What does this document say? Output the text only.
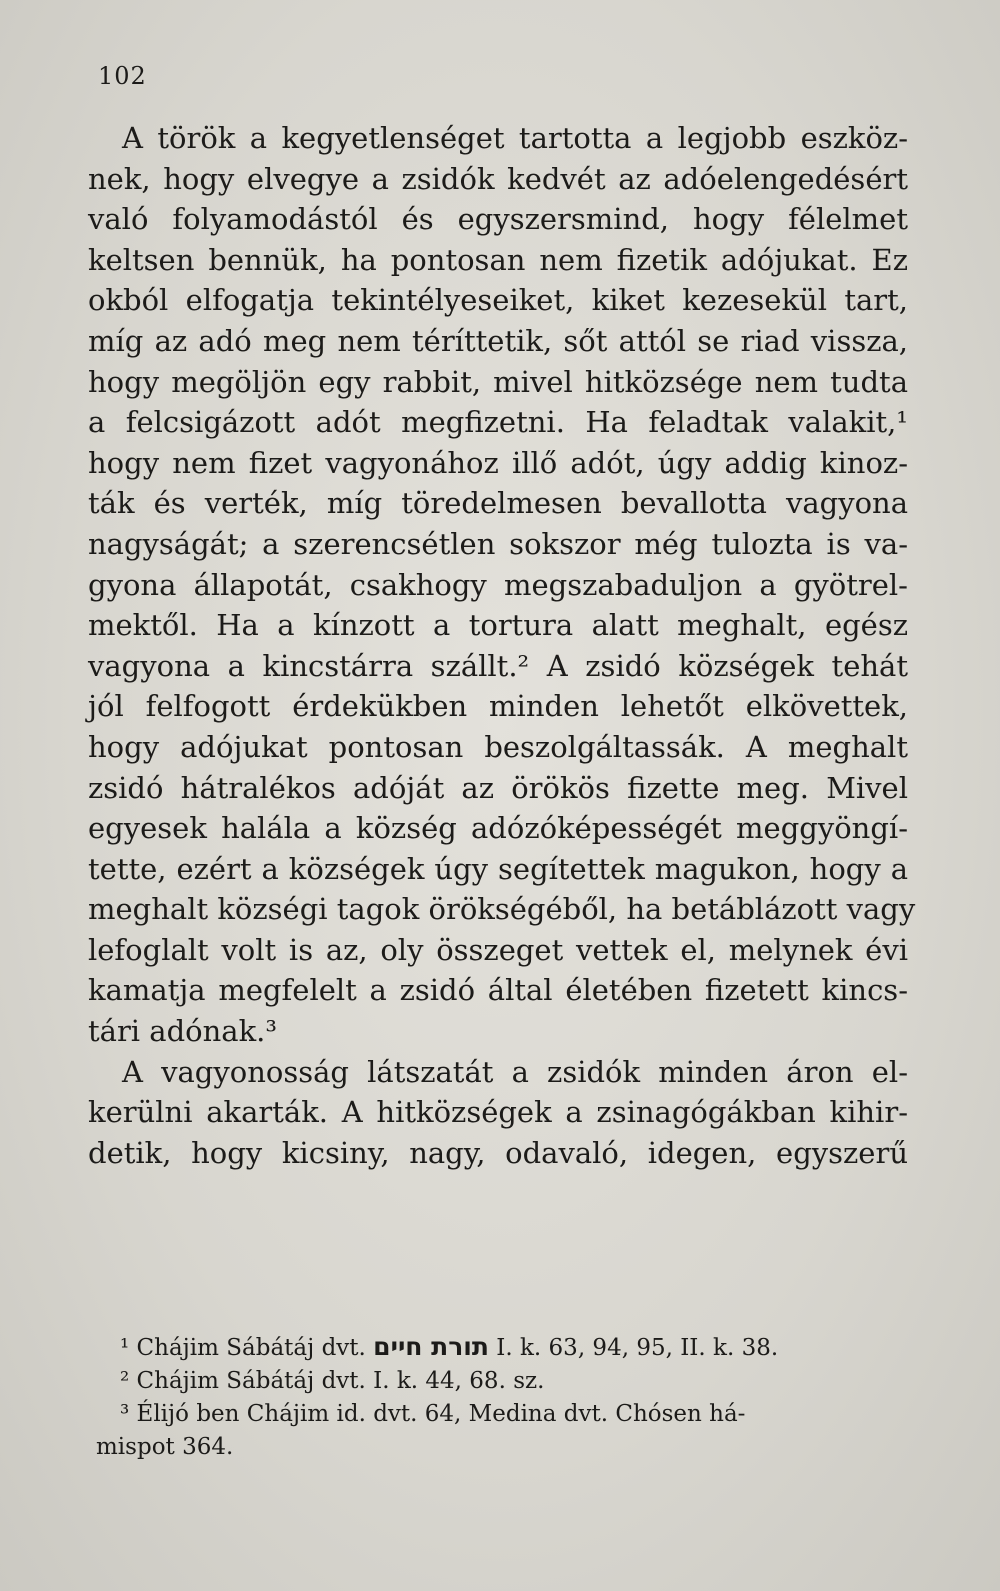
102
A török a kegyetlenséget tartotta a legjobb eszköz-
nek, hogy elvegye a zsidók kedvét az adóelengedésért
való folyamodástól és egyszersmind, hogy félelmet
keltsen bennük, ha pontosan nem fizetik adójukat. Ez
okból elfogatja tekintélyeseiket, kiket kezesekül tart,
míg az adó meg nem téríttetik, sőt attól se riad vissza,
hogy megöljön egy rabbit, mivel hitközsége nem tudta
a felcsigázott adót megfizetni. Ha feladtak valakit,¹
hogy nem fizet vagyonához illő adót, úgy addig kinoz-
ták és verték, míg töredelmesen bevallotta vagyona
nagyságát; a szerencsétlen sokszor még tulozta is va-
gyona állapotát, csakhogy megszabaduljon a gyötrel-
mektől. Ha a kínzott a tortura alatt meghalt, egész
vagyona a kincstárra szállt.² A zsidó községek tehát
jól felfogott érdekükben minden lehetőt elkövettek,
hogy adójukat pontosan beszolgáltassák. A meghalt
zsidó hátralékos adóját az örökös fizette meg. Mivel
egyesek halála a község adózóképességét meggyöngí-
tette, ezért a községek úgy segítettek magukon, hogy a
meghalt községi tagok örökségéből, ha betáblázott vagy
lefoglalt volt is az, oly összeget vettek el, melynek évi
kamatja megfelelt a zsidó által életében fizetett kincs-
tári adónak.³
A vagyonosság látszatát a zsidók minden áron el-
kerülni akarták. A hitközségek a zsinagógákban kihir-
detik, hogy kicsiny, nagy, odavaló, idegen, egyszerű
¹ Chájim Sábátáj dvt. תורת חיים I. k. 63, 94, 95, II. k. 38.
² Chájim Sábátáj dvt. I. k. 44, 68. sz.
³ Élijó ben Chájim id. dvt. 64, Medina dvt. Chósen há-
mispot 364.
